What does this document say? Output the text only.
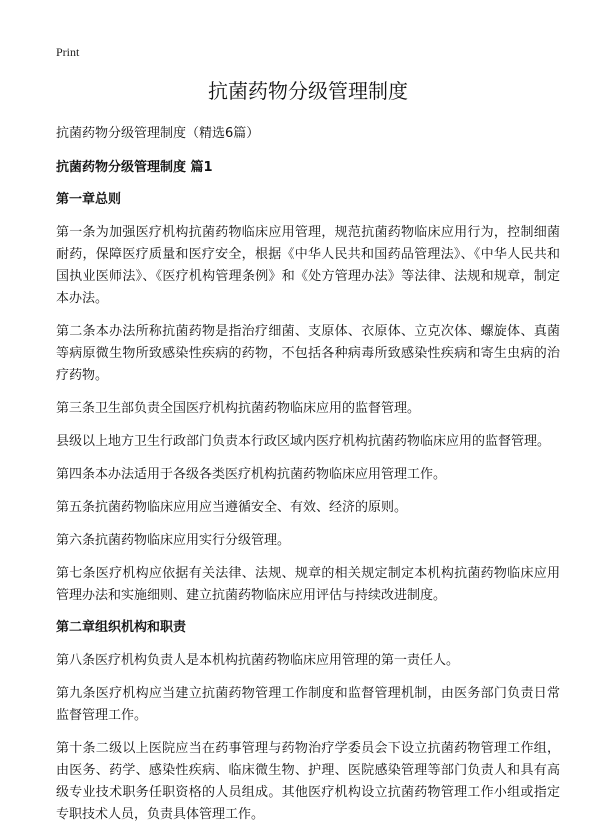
Print
抗菌药物分级管理制度
抗菌药物分级管理制度（精选6篇）
抗菌药物分级管理制度 篇1
第一章总则

第一条为加强医疗机构抗菌药物临床应用管理，规范抗菌药物临床应用行为，控制细菌耐药，保障医疗质量和医疗安全，根据《中华人民共和国药品管理法》、《中华人民共和国执业医师法》、《医疗机构管理条例》和《处方管理办法》等法律、法规和规章，制定本办法。

第二条本办法所称抗菌药物是指治疗细菌、支原体、衣原体、立克次体、螺旋体、真菌等病原微生物所致感染性疾病的药物，不包括各种病毒所致感染性疾病和寄生虫病的治疗药物。

第三条卫生部负责全国医疗机构抗菌药物临床应用的监督管理。

县级以上地方卫生行政部门负责本行政区域内医疗机构抗菌药物临床应用的监督管理。

第四条本办法适用于各级各类医疗机构抗菌药物临床应用管理工作。

第五条抗菌药物临床应用应当遵循安全、有效、经济的原则。

第六条抗菌药物临床应用实行分级管理。

第七条医疗机构应依据有关法律、法规、规章的相关规定制定本机构抗菌药物临床应用管理办法和实施细则、建立抗菌药物临床应用评估与持续改进制度。

第二章组织机构和职责

第八条医疗机构负责人是本机构抗菌药物临床应用管理的第一责任人。

第九条医疗机构应当建立抗菌药物管理工作制度和监督管理机制，由医务部门负责日常监督管理工作。

第十条二级以上医院应当在药事管理与药物治疗学委员会下设立抗菌药物管理工作组，由医务、药学、感染性疾病、临床微生物、护理、医院感染管理等部门负责人和具有高级专业技术职务任职资格的人员组成。其他医疗机构设立抗菌药物管理工作小组或指定专职技术人员，负责具体管理工作。
